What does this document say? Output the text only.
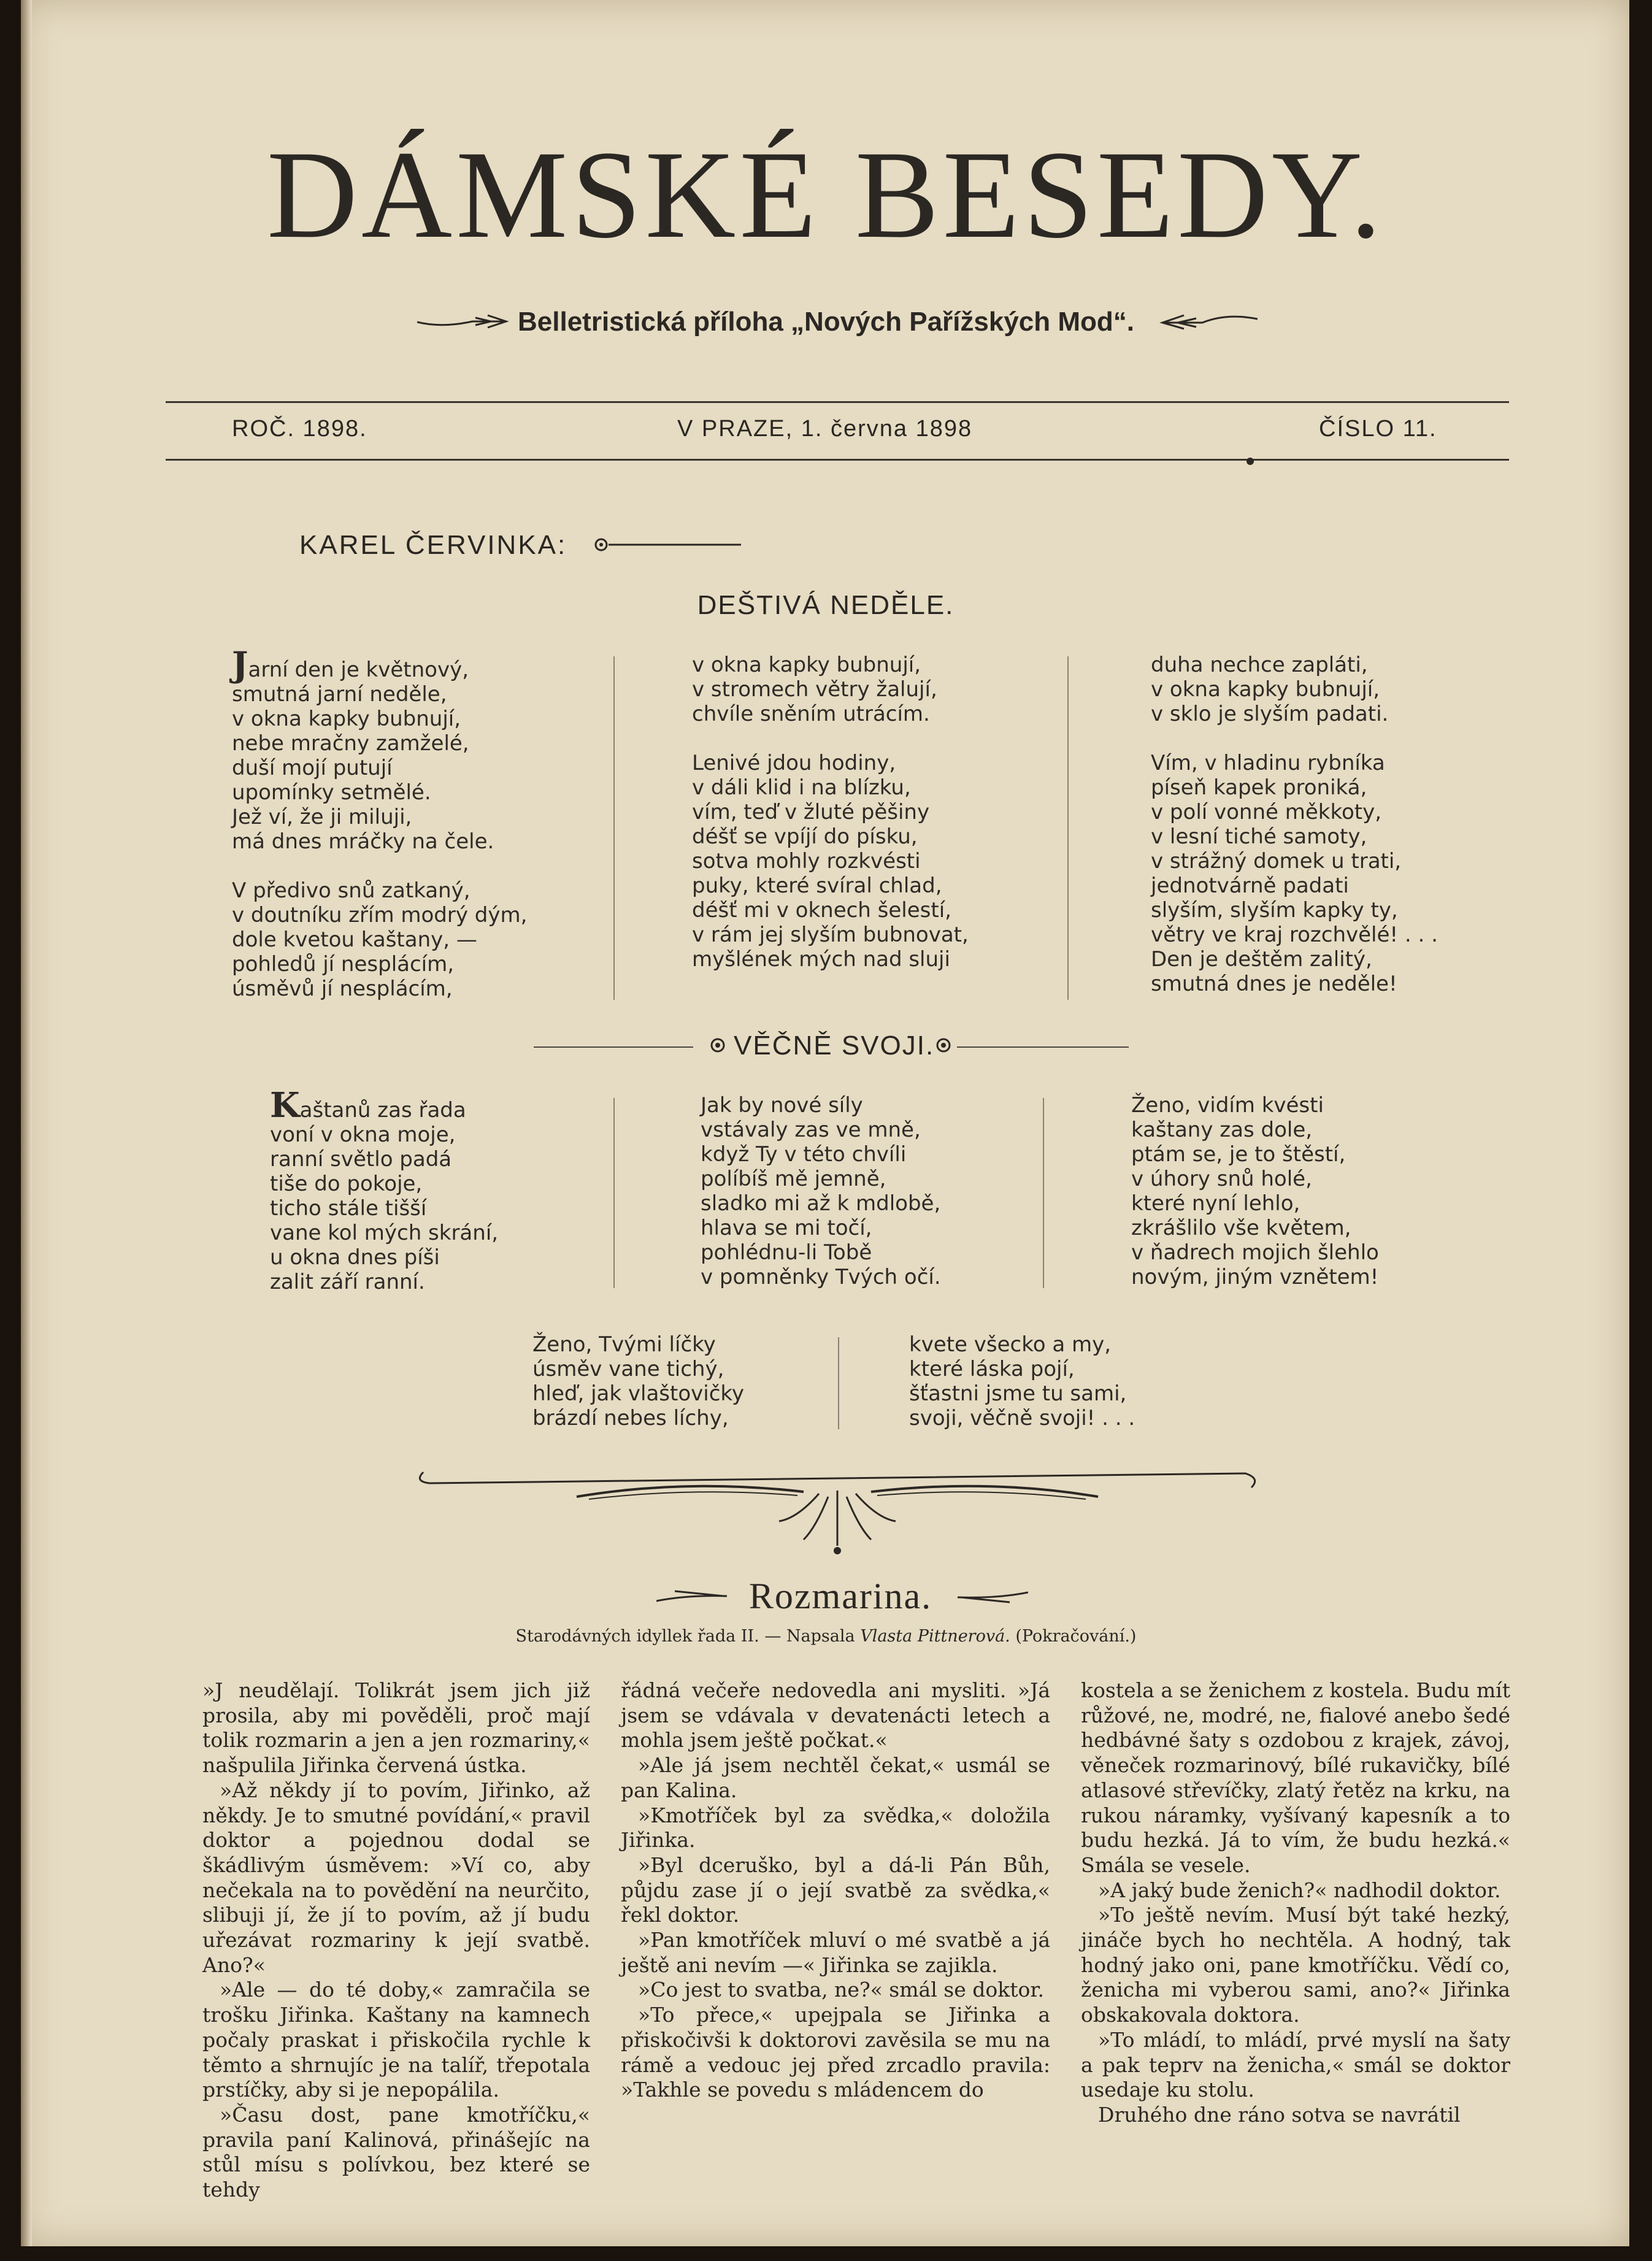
DÁMSKÉ BESEDY.
Belletristická příloha „Nových Pařížských Mod“.
ROČ. 1898.	V PRAZE, 1. června 1898	ČÍSLO 11.
KAREL ČERVINKA:
DEŠTIVÁ NEDĚLE.
Jarní den je květnový,
smutná jarní neděle,
v okna kapky bubnují,
nebe mračny zamželé,
duší mojí putují
upomínky setmělé.
Jež ví, že ji miluji,
má dnes mráčky na čele.

V předivo snů zatkaný,
v doutníku zřím modrý dým,
dole kvetou kaštany, —
pohledů jí nesplácím,
úsměvů jí nesplácím,
v okna kapky bubnují,
v stromech větry žalují,
chvíle sněním utrácím.

Lenivé jdou hodiny,
v dáli klid i na blízku,
vím, teď v žluté pěšiny
déšť se vpíjí do písku,
sotva mohly rozkvésti
puky, které svíral chlad,
déšť mi v oknech šelestí,
v rám jej slyším bubnovat,
myšlének mých nad sluji
duha nechce zapláti,
v okna kapky bubnují,
v sklo je slyším padati.

Vím, v hladinu rybníka
píseň kapek proniká,
v polí vonné měkkoty,
v lesní tiché samoty,
v strážný domek u trati,
jednotvárně padati
slyším, slyším kapky ty,
větry ve kraj rozchvělé! . . .
Den je deštěm zalitý,
smutná dnes je neděle!
VĚČNĚ SVOJI.
Kaštanů zas řada
voní v okna moje,
ranní světlo padá
tiše do pokoje,
ticho stále tišší
vane kol mých skrání,
u okna dnes píši
zalit září ranní.
Jak by nové síly
vstávaly zas ve mně,
když Ty v této chvíli
políbíš mě jemně,
sladko mi až k mdlobě,
hlava se mi točí,
pohlédnu-li Tobě
v pomněnky Tvých očí.
Ženo, vidím kvésti
kaštany zas dole,
ptám se, je to štěstí,
v úhory snů holé,
které nyní lehlo,
zkrášlilo vše květem,
v ňadrech mojich šlehlo
novým, jiným vznětem!
Ženo, Tvými líčky
úsměv vane tichý,
hleď, jak vlaštovičky
brázdí nebes líchy,
kvete všecko a my,
které láska pojí,
šťastni jsme tu sami,
svoji, věčně svoji! . . .
Rozmarina.
Starodávných idyllek řada II. — Napsala Vlasta Pittnerová. (Pokračování.)

»J neudělají. Tolikrát jsem jich již prosila, aby mi pověděli, proč mají tolik rozmarin a jen a jen rozmariny,« našpulila Jiřinka červená ústka.

»Až někdy jí to povím, Jiřinko, až někdy. Je to smutné povídání,« pravil doktor a pojednou dodal se škádlivým úsměvem: »Ví co, aby nečekala na to povědění na neurčito, slibuji jí, že jí to povím, až jí budu uřezávat rozmariny k její svatbě. Ano?«

»Ale — do té doby,« zamračila se trošku Jiřinka. Kaštany na kamnech počaly praskat i přiskočila rychle k těmto a shrnujíc je na talíř, třepotala prstíčky, aby si je nepopálila.

»Času dost, pane kmotříčku,« pravila paní Kalinová, přinášejíc na stůl mísu s polívkou, bez které se tehdy

řádná večeře nedovedla ani mysliti. »Já jsem se vdávala v devatenácti letech a mohla jsem ještě počkat.«

»Ale já jsem nechtěl čekat,« usmál se pan Kalina.

»Kmotříček byl za svědka,« doložila Jiřinka.

»Byl dceruško, byl a dá-li Pán Bůh, půjdu zase jí o její svatbě za svědka,« řekl doktor.

»Pan kmotříček mluví o mé svatbě a já ještě ani nevím —« Jiřinka se zajikla.

»Co jest to svatba, ne?« smál se doktor.

»To přece,« upejpala se Jiřinka a přiskočivši k doktorovi zavěsila se mu na rámě a vedouc jej před zrcadlo pravila: »Takhle se povedu s mládencem do

kostela a se ženichem z kostela. Budu mít růžové, ne, modré, ne, fialové anebo šedé hedbávné šaty s ozdobou z krajek, závoj, věneček rozmarinový, bílé rukavičky, bílé atlasové střevíčky, zlatý řetěz na krku, na rukou náramky, vyšívaný kapesník a to budu hezká. Já to vím, že budu hezká.« Smála se vesele.

»A jaký bude ženich?« nadhodil doktor.

»To ještě nevím. Musí být také hezký, jináče bych ho nechtěla. A hodný, tak hodný jako oni, pane kmotříčku. Vědí co, ženicha mi vyberou sami, ano?« Jiřinka obskakovala doktora.

»To mládí, to mládí, prvé myslí na šaty a pak teprv na ženicha,« smál se doktor usedaje ku stolu.

Druhého dne ráno sotva se navrátil
